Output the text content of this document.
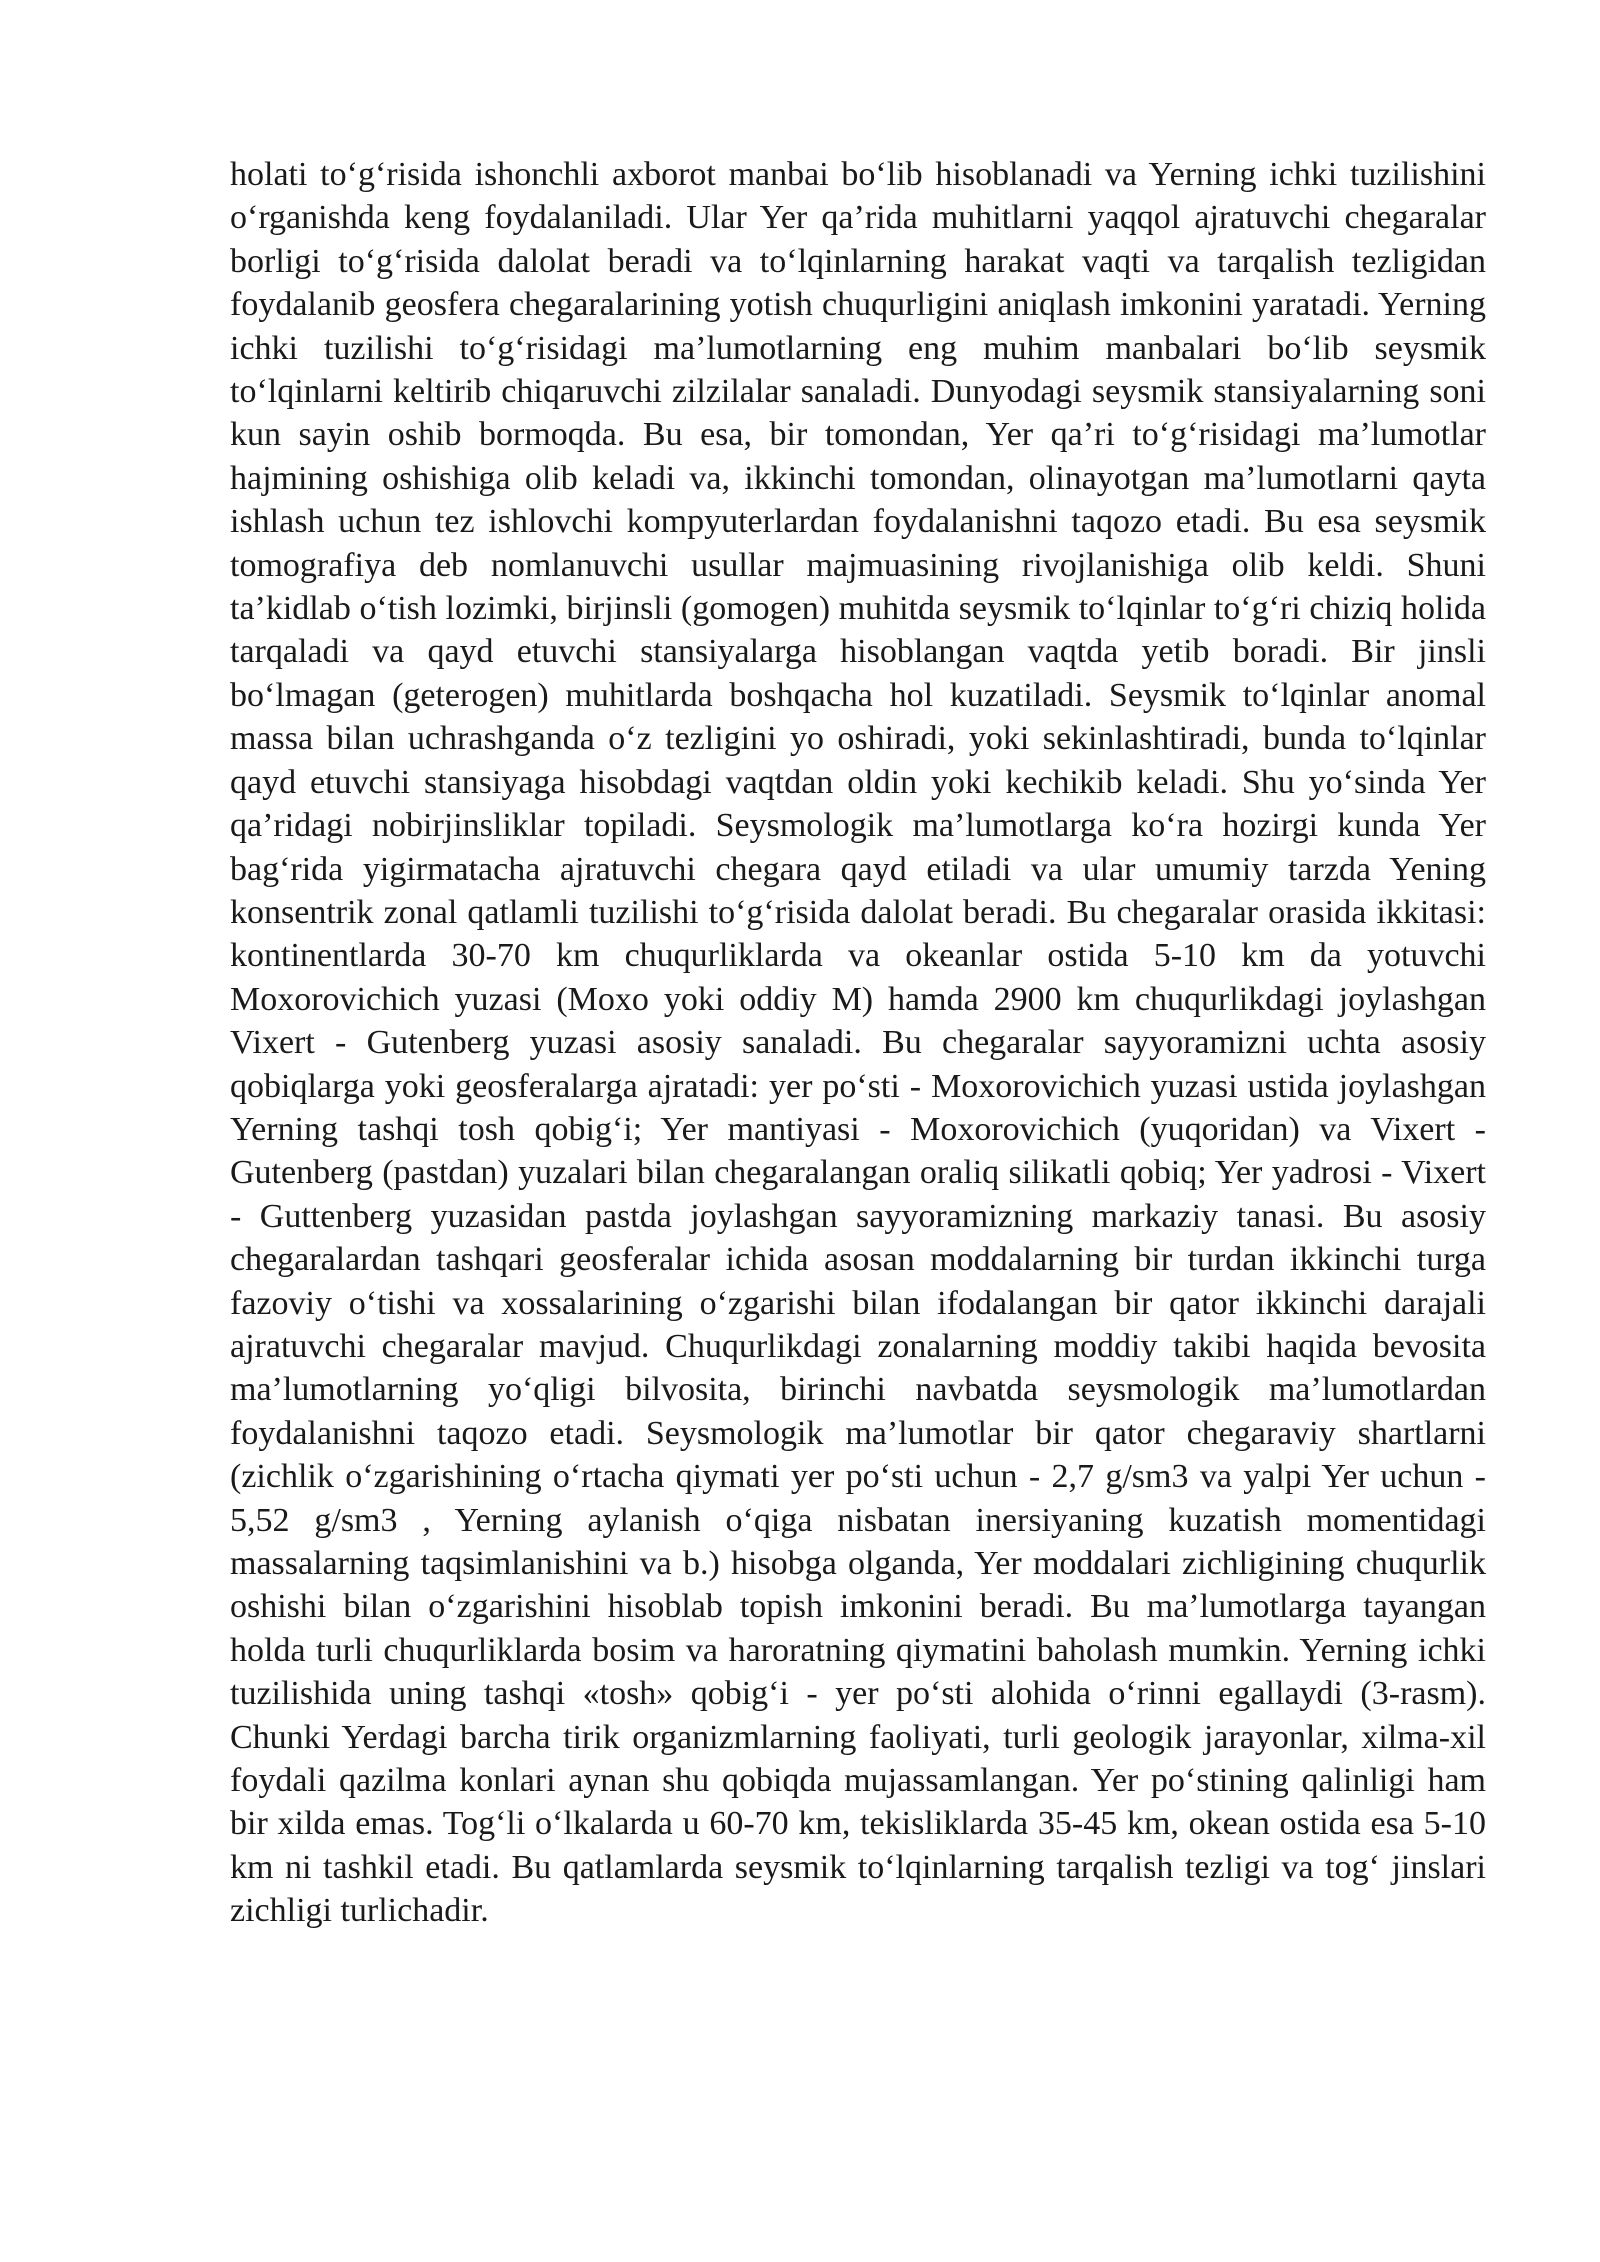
holati to‘g‘risida ishonchli axborot manbai bo‘lib hisoblanadi va Yerning ichki tuzilishini o‘rganishda keng foydalaniladi. Ular Yer qa’rida muhitlarni yaqqol ajratuvchi chegaralar borligi to‘g‘risida dalolat beradi va to‘lqinlarning harakat vaqti va tarqalish tezligidan foydalanib geosfera chegaralarining yotish chuqurligini aniqlash imkonini yaratadi. Yerning ichki tuzilishi to‘g‘risidagi ma’lumotlarning eng muhim manbalari bo‘lib seysmik to‘lqinlarni keltirib chiqaruvchi zilzilalar sanaladi. Dunyodagi seysmik stansiyalarning soni kun sayin oshib bormoqda. Bu esa, bir tomondan, Yer qa’ri to‘g‘risidagi ma’lumotlar hajmining oshishiga olib keladi va, ikkinchi tomondan, olinayotgan ma’lumotlarni qayta ishlash uchun tez ishlovchi kompyuterlardan foydalanishni taqozo etadi. Bu esa seysmik tomografiya deb nomlanuvchi usullar majmuasining rivojlanishiga olib keldi. Shuni ta’kidlab o‘tish lozimki, birjinsli (gomogen) muhitda seysmik to‘lqinlar to‘g‘ri chiziq holida tarqaladi va qayd etuvchi stansiyalarga hisoblangan vaqtda yetib boradi. Bir jinsli bo‘lmagan (geterogen) muhitlarda boshqacha hol kuzatiladi. Seysmik to‘lqinlar anomal massa bilan uchrashganda o‘z tezligini yo oshiradi, yoki sekinlashtiradi, bunda to‘lqinlar qayd etuvchi stansiyaga hisobdagi vaqtdan oldin yoki kechikib keladi. Shu yo‘sinda Yer qa’ridagi nobirjinsliklar topiladi. Seysmologik ma’lumotlarga ko‘ra hozirgi kunda Yer bag‘rida yigirmatacha ajratuvchi chegara qayd etiladi va ular umumiy tarzda Yening konsentrik zonal qatlamli tuzilishi to‘g‘risida dalolat beradi. Bu chegaralar orasida ikkitasi: kontinentlarda 30-70 km chuqurliklarda va okeanlar ostida 5-10 km da yotuvchi Moxorovichich yuzasi (Moxo yoki oddiy M) hamda 2900 km chuqurlikdagi joylashgan Vixert - Gutenberg yuzasi asosiy sanaladi. Bu chegaralar sayyoramizni uchta asosiy qobiqlarga yoki geosferalarga ajratadi: yer po‘sti - Moxorovichich yuzasi ustida joylashgan Yerning tashqi tosh qobig‘i; Yer mantiyasi - Moxorovichich (yuqoridan) va Vixert -Gutenberg (pastdan) yuzalari bilan chegaralangan oraliq silikatli qobiq; Yer yadrosi - Vixert - Guttenberg yuzasidan pastda joylashgan sayyoramizning markaziy tanasi. Bu asosiy chegaralardan tashqari geosferalar ichida asosan moddalarning bir turdan ikkinchi turga fazoviy o‘tishi va xossalarining o‘zgarishi bilan ifodalangan bir qator ikkinchi darajali ajratuvchi chegaralar mavjud. Chuqurlikdagi zonalarning moddiy takibi haqida bevosita ma’lumotlarning yo‘qligi bilvosita, birinchi navbatda seysmologik ma’lumotlardan foydalanishni taqozo etadi. Seysmologik ma’lumotlar bir qator chegaraviy shartlarni (zichlik o‘zgarishining o‘rtacha qiymati yer po‘sti uchun - 2,7 g/sm3 va yalpi Yer uchun - 5,52 g/sm3 , Yerning aylanish o‘qiga nisbatan inersiyaning kuzatish momentidagi massalarning taqsimlanishini va b.) hisobga olganda, Yer moddalari zichligining chuqurlik oshishi bilan o‘zgarishini hisoblab topish imkonini beradi. Bu ma’lumotlarga tayangan holda turli chuqurliklarda bosim va haroratning qiymatini baholash mumkin. Yerning ichki tuzilishida uning tashqi «tosh» qobig‘i - yer po‘sti alohida o‘rinni egallaydi (3-rasm). Chunki Yerdagi barcha tirik organizmlarning faoliyati, turli geologik jarayonlar, xilma-xil foydali qazilma konlari aynan shu qobiqda mujassamlangan. Yer po‘stining qalinligi ham bir xilda emas. Tog‘li o‘lkalarda u 60-70 km, tekisliklarda 35-45 km, okean ostida esa 5-10 km ni tashkil etadi. Bu qatlamlarda seysmik to‘lqinlarning tarqalish tezligi va tog‘ jinslari zichligi turlichadir.
